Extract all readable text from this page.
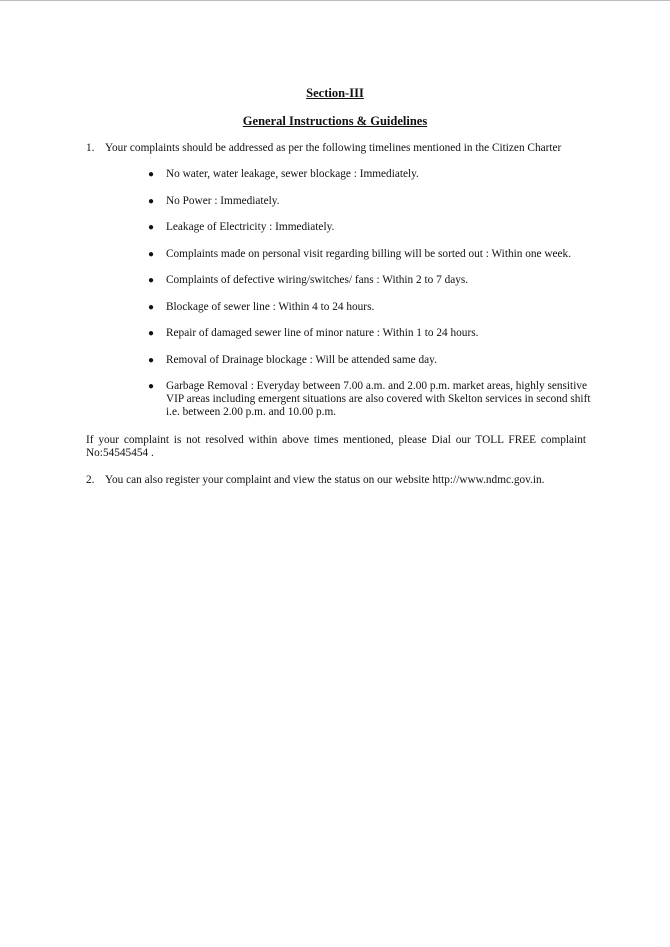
Section-III
General Instructions & Guidelines
1. Your complaints should be addressed as per the following timelines mentioned in the Citizen Charter
● No water, water leakage, sewer blockage : Immediately.
● No Power : Immediately.
● Leakage of Electricity : Immediately.
● Complaints made on personal visit regarding billing will be sorted out : Within one week.
● Complaints of defective wiring/switches/ fans : Within 2 to 7 days.
● Blockage of sewer line : Within 4 to 24 hours.
● Repair of damaged sewer line of minor nature : Within 1 to 24 hours.
● Removal of Drainage blockage : Will be attended same day.
● Garbage Removal : Everyday between 7.00 a.m. and 2.00 p.m. market areas, highly sensitive VIP areas including emergent situations are also covered with Skelton services in second shift i.e. between 2.00 p.m. and 10.00 p.m.
If your complaint is not resolved within above times mentioned, please Dial our TOLL FREE complaint No:54545454 .
2. You can also register your complaint and view the status on our website http://www.ndmc.gov.in.
